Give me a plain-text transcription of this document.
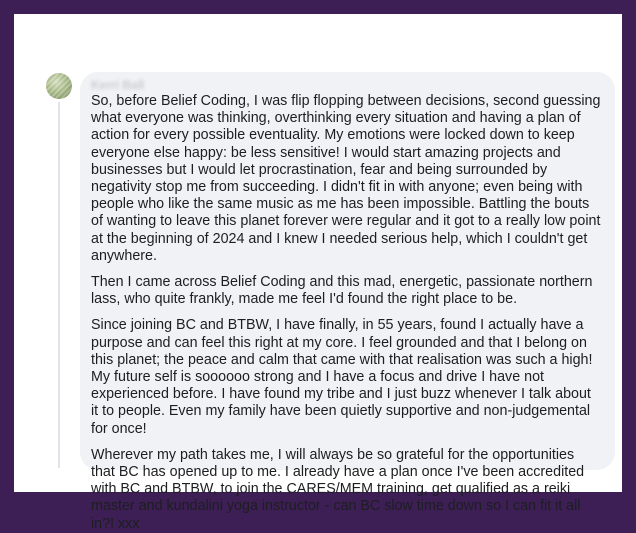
Kerri Ball

So, before Belief Coding, I was flip flopping between decisions, second guessing what everyone was thinking, overthinking every situation and having a plan of action for every possible eventuality. My emotions were locked down to keep everyone else happy: be less sensitive! I would start amazing projects and businesses but I would let procrastination, fear and being surrounded by negativity stop me from succeeding. I didn't fit in with anyone; even being with people who like the same music as me has been impossible. Battling the bouts of wanting to leave this planet forever were regular and it got to a really low point at the beginning of 2024 and I knew I needed serious help, which I couldn't get anywhere.

Then I came across Belief Coding and this mad, energetic, passionate northern lass, who quite frankly, made me feel I'd found the right place to be.

Since joining BC and BTBW, I have finally, in 55 years, found I actually have a purpose and can feel this right at my core. I feel grounded and that I belong on this planet; the peace and calm that came with that realisation was such a high! My future self is soooooo strong and I have a focus and drive I have not experienced before. I have found my tribe and I just buzz whenever I talk about it to people. Even my family have been quietly supportive and non-judgemental for once!

Wherever my path takes me, I will always be so grateful for the opportunities that BC has opened up to me. I already have a plan once I've been accredited with BC and BTBW, to join the CARES/MEM training, get qualified as a reiki master and kundalini yoga instructor - can BC slow time down so I can fit it all in?! xxx
